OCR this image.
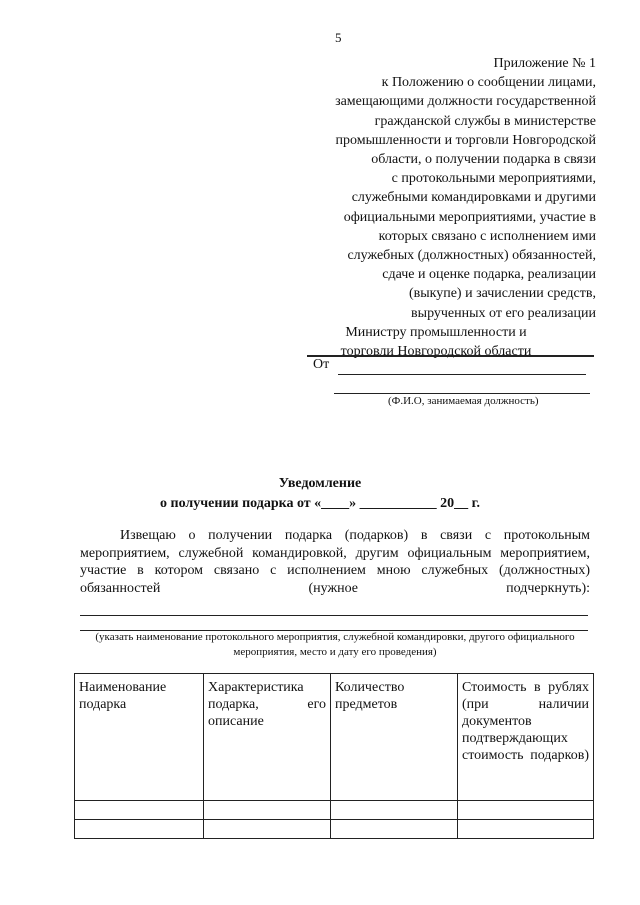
5
Приложение № 1
к Положению о сообщении лицами,
замещающими должности государственной
гражданской службы в министерстве
промышленности и торговли Новгородской
области, о получении подарка в связи
с протокольными мероприятиями,
служебными командировками и другими
официальными мероприятиями, участие в
которых связано с исполнением ими
служебных (должностных) обязанностей,
сдаче и оценке подарка, реализации
(выкупе) и зачислении средств,
вырученных от его реализации
Министру промышленности и
торговли Новгородской области
От
(Ф.И.О, занимаемая должность)
Уведомление
о получении подарка от «____» ___________ 20__ г.
Извещаю о получении подарка (подарков) в связи с протокольным мероприятием, служебной командировкой, другим официальным мероприятием, участие в котором связано с исполнением мною служебных (должностных) обязанностей (нужное подчеркнуть):
(указать наименование протокольного мероприятия, служебной командировки, другого официального мероприятия, место и дату его проведения)
Наименование подарка	Характеристика подарка, его описание	Количество предметов	Стоимость в рублях (при наличии документов подтверждающих стоимость подарков)
